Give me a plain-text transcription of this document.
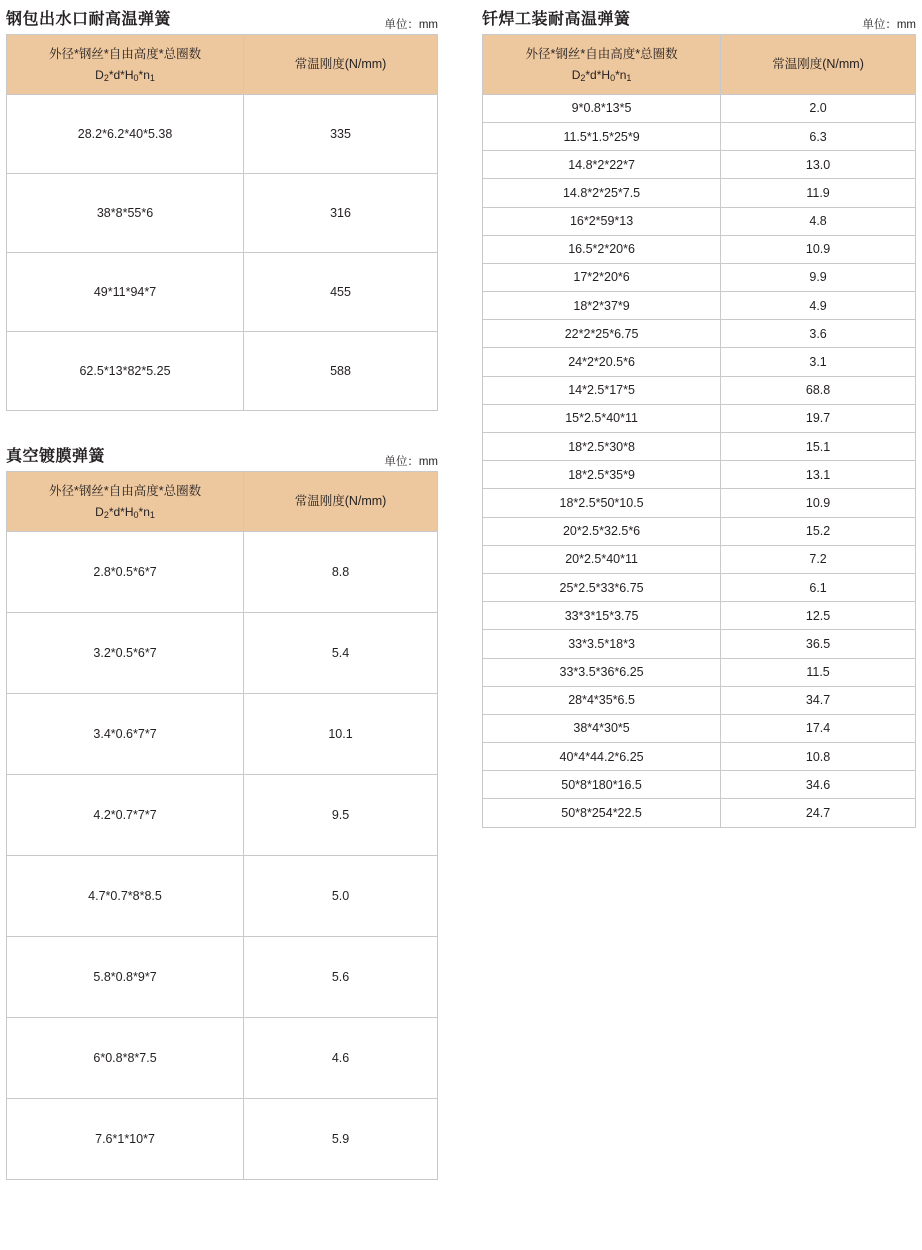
钢包出水口耐高温弹簧	单位：mm
外径*钢丝*自由高度*总圈数
$D_2*d*H_0*n_1$	常温刚度(N/mm)
28.2*6.2*40*5.38	335
38*8*55*6	316
49*11*94*7	455
62.5*13*82*5.25	588
真空镀膜弹簧	单位：mm
外径*钢丝*自由高度*总圈数
$D_2*d*H_0*n_1$	常温刚度(N/mm)
2.8*0.5*6*7	8.8
3.2*0.5*6*7	5.4
3.4*0.6*7*7	10.1
4.2*0.7*7*7	9.5
4.7*0.7*8*8.5	5.0
5.8*0.8*9*7	5.6
6*0.8*8*7.5	4.6
7.6*1*10*7	5.9
钎焊工装耐高温弹簧	单位：mm
外径*钢丝*自由高度*总圈数
$D_2*d*H_0*n_1$	常温刚度(N/mm)
9*0.8*13*5	2.0
11.5*1.5*25*9	6.3
14.8*2*22*7	13.0
14.8*2*25*7.5	11.9
16*2*59*13	4.8
16.5*2*20*6	10.9
17*2*20*6	9.9
18*2*37*9	4.9
22*2*25*6.75	3.6
24*2*20.5*6	3.1
14*2.5*17*5	68.8
15*2.5*40*11	19.7
18*2.5*30*8	15.1
18*2.5*35*9	13.1
18*2.5*50*10.5	10.9
20*2.5*32.5*6	15.2
20*2.5*40*11	7.2
25*2.5*33*6.75	6.1
33*3*15*3.75	12.5
33*3.5*18*3	36.5
33*3.5*36*6.25	11.5
28*4*35*6.5	34.7
38*4*30*5	17.4
40*4*44.2*6.25	10.8
50*8*180*16.5	34.6
50*8*254*22.5	24.7
